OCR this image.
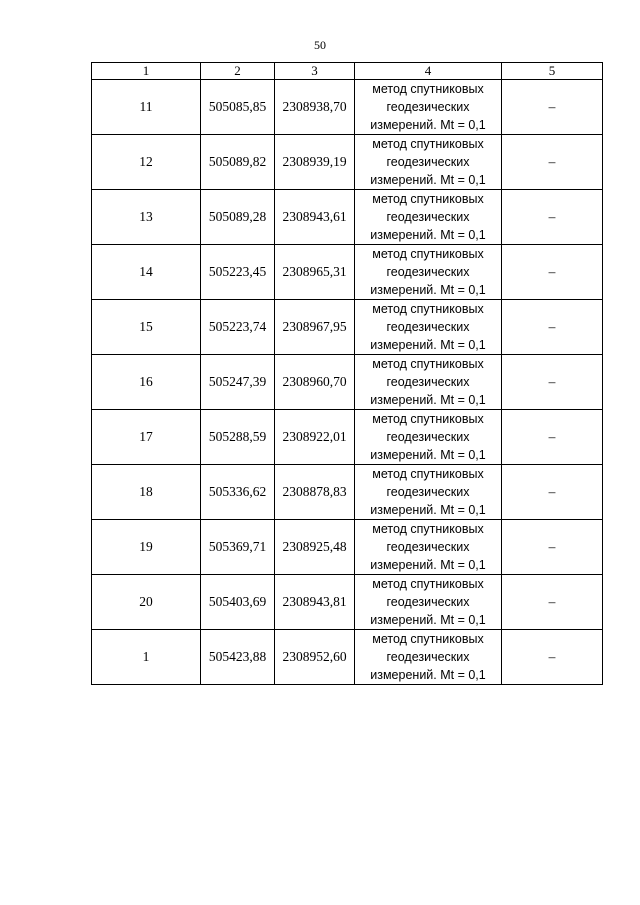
50
1	2	3	4	5
11	505085,85	2308938,70	метод спутниковых
геодезических
измерений. Mt = 0,1	–
12	505089,82	2308939,19	метод спутниковых
геодезических
измерений. Mt = 0,1	–
13	505089,28	2308943,61	метод спутниковых
геодезических
измерений. Mt = 0,1	–
14	505223,45	2308965,31	метод спутниковых
геодезических
измерений. Mt = 0,1	–
15	505223,74	2308967,95	метод спутниковых
геодезических
измерений. Mt = 0,1	–
16	505247,39	2308960,70	метод спутниковых
геодезических
измерений. Mt = 0,1	–
17	505288,59	2308922,01	метод спутниковых
геодезических
измерений. Mt = 0,1	–
18	505336,62	2308878,83	метод спутниковых
геодезических
измерений. Mt = 0,1	–
19	505369,71	2308925,48	метод спутниковых
геодезических
измерений. Mt = 0,1	–
20	505403,69	2308943,81	метод спутниковых
геодезических
измерений. Mt = 0,1	–
1	505423,88	2308952,60	метод спутниковых
геодезических
измерений. Mt = 0,1	–
